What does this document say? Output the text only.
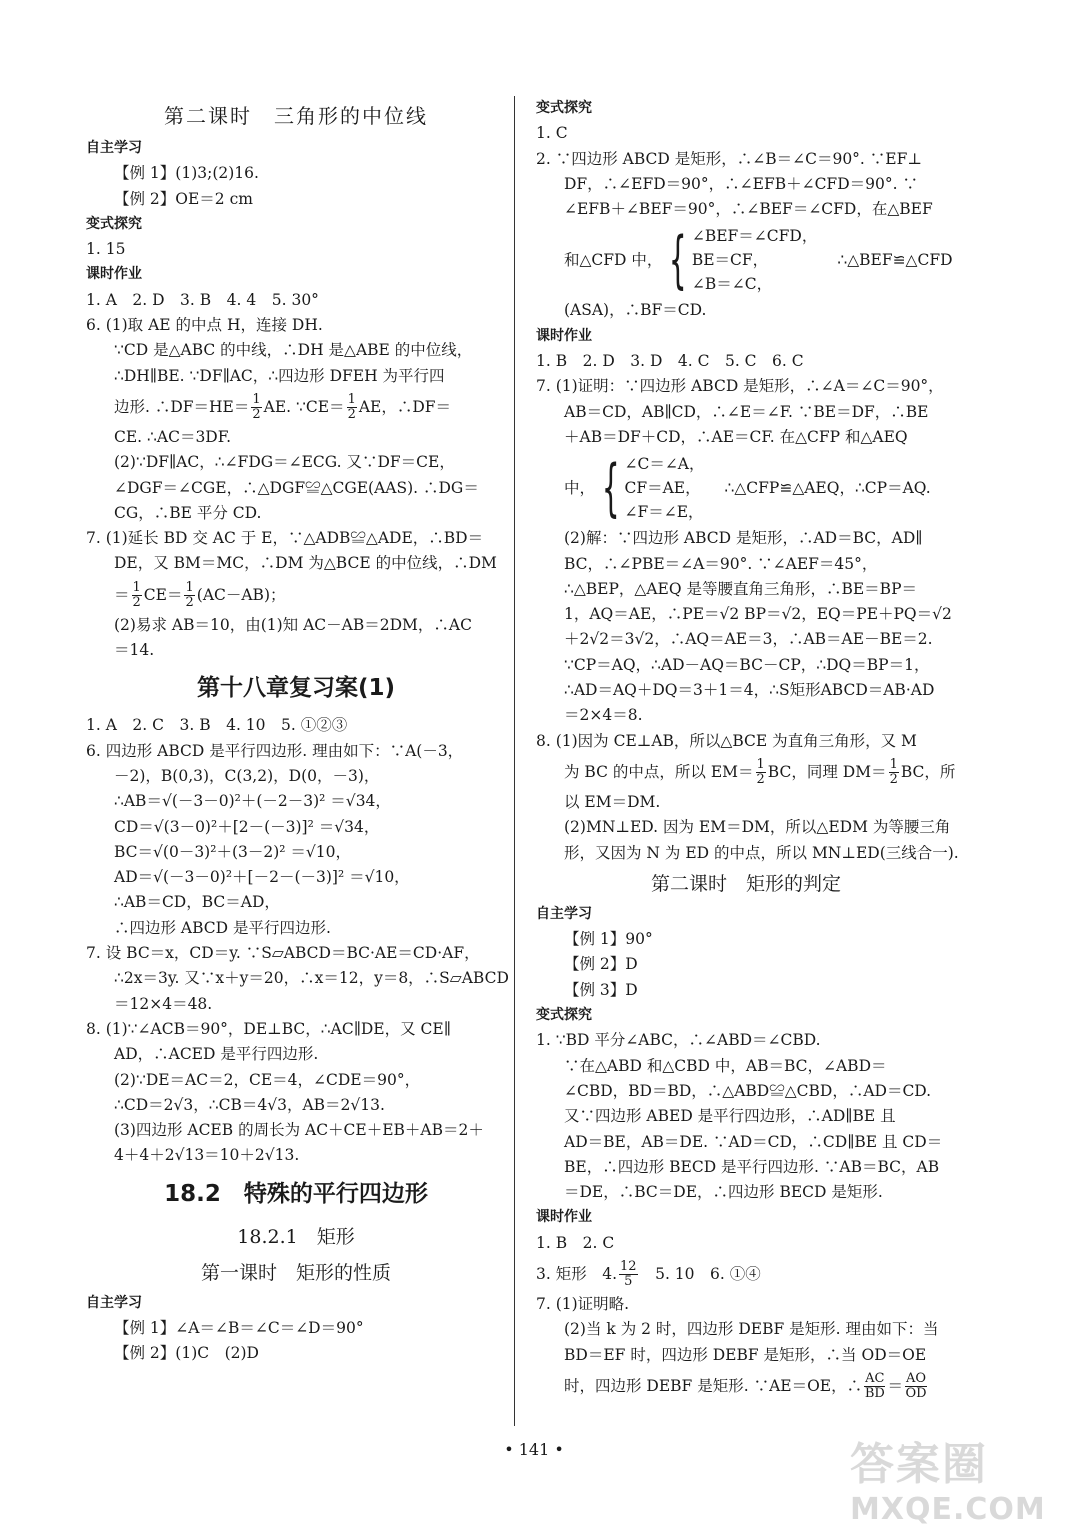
第二课时　三角形的中位线
自主学习
【例 1】(1)3;(2)16.
【例 2】OE＝2 cm
变式探究
1. 15
课时作业
1. A　2. D　3. B　4. 4　5. 30°
6. (1)取 AE 的中点 H，连接 DH.
∵CD 是△ABC 的中线，∴DH 是△ABE 的中位线，
∴DH∥BE. ∵DF∥AC，∴四边形 DFEH 为平行四
边形. ∴DF＝HE＝ $\frac{1}{2}$ AE. ∵CE＝ $\frac{1}{2}$ AE，∴DF＝
CE. ∴AC＝3DF.
(2)∵DF∥AC，∴∠FDG＝∠ECG. 又∵DF＝CE，
∠DGF＝∠CGE，∴△DGF≌△CGE(AAS). ∴DG＝
CG，∴BE 平分 CD.
7. (1)延长 BD 交 AC 于 E，∵△ADB≌△ADE，∴BD＝
DE，又 BM＝MC，∴DM 为△BCE 的中位线，∴DM
＝ $\frac{1}{2} CE= \frac{1}{2} (AC-AB)$；
(2)易求 AB＝10，由(1)知 AC－AB＝2DM，∴AC
＝14.
第十八章复习案(1)
1. A　2. C　3. B　4. 10　5. ①②③
6. 四边形 ABCD 是平行四边形. 理由如下：∵A(－3，
－2)，B(0,3)，C(3,2)，D(0，－3)，
∴AB＝√(－3－0)²＋(－2－3)² ＝√34，
CD＝√(3－0)²＋[2－(－3)]² ＝√34，
BC＝√(0－3)²＋(3－2)² ＝√10，
AD＝√(－3－0)²＋[－2－(－3)]² ＝√10，
∴AB＝CD，BC＝AD，
∴四边形 ABCD 是平行四边形.
7. 设 BC＝x，CD＝y. ∵S▱ABCD＝BC·AE＝CD·AF，
∴2x＝3y. 又∵x＋y＝20，∴x＝12，y＝8，∴S▱ABCD
＝12×4＝48.
8. (1)∵∠ACB＝90°，DE⊥BC，∴AC∥DE，又 CE∥
AD，∴ACED 是平行四边形.
(2)∵DE＝AC＝2，CE＝4，∠CDE＝90°，
∴CD＝2√3，∴CB＝4√3，AB＝2√13.
(3)四边形 ACEB 的周长为 AC＋CE＋EB＋AB＝2＋
4＋4＋2√13＝10＋2√13.
18.2　特殊的平行四边形
18.2.1　矩形
第一课时　矩形的性质
自主学习
【例 1】∠A＝∠B＝∠C＝∠D＝90°
【例 2】(1)C　(2)D
变式探究
1. C
2. ∵四边形 ABCD 是矩形，∴∠B＝∠C＝90°. ∵EF⊥
DF，∴∠EFD＝90°，∴∠EFB＋∠CFD＝90°. ∵
∠EFB＋∠BEF＝90°，∴∠BEF＝∠CFD，在△BEF
和△CFD 中， { ∠BEF＝∠CFD，
BE＝CF，
∠B＝∠C，
∴△BEF≌△CFD
(ASA)，∴BF＝CD.
课时作业
1. B　2. D　3. D　4. C　5. C　6. C
7. (1)证明：∵四边形 ABCD 是矩形，∴∠A＝∠C＝90°，
AB＝CD，AB∥CD，∴∠E＝∠F. ∵BE＝DF，∴BE
＋AB＝DF＋CD，∴AE＝CF. 在△CFP 和△AEQ
中， { ∠C＝∠A，
CF＝AE，
∠F＝∠E，
∴△CFP≌△AEQ，∴CP＝AQ.
(2)解：∵四边形 ABCD 是矩形，∴AD＝BC，AD∥
BC，∴∠PBE＝∠A＝90°. ∵∠AEF＝45°，
∴△BEP，△AEQ 是等腰直角三角形，∴BE＝BP＝
1，AQ＝AE，∴PE＝√2 BP＝√2，EQ＝PE＋PQ＝√2
＋2√2＝3√2，∴AQ＝AE＝3，∴AB＝AE－BE＝2.
∵CP＝AQ，∴AD－AQ＝BC－CP，∴DQ＝BP＝1，
∴AD＝AQ＋DQ＝3＋1＝4，∴S矩形ABCD＝AB·AD
＝2×4＝8.
8. (1)因为 CE⊥AB，所以△BCE 为直角三角形，又 M
为 BC 的中点，所以 $EM= \frac{1}{2}$ BC，同理 $DM= \frac{1}{2}$ BC，所
以 EM＝DM.
(2)MN⊥ED. 因为 EM＝DM，所以△EDM 为等腰三角
形，又因为 N 为 ED 的中点，所以 MN⊥ED(三线合一).
第二课时　矩形的判定
自主学习
【例 1】90°
【例 2】D
【例 3】D
变式探究
1. ∵BD 平分∠ABC，∴∠ABD＝∠CBD.
∵在△ABD 和△CBD 中，AB＝BC，∠ABD＝
∠CBD，BD＝BD，∴△ABD≌△CBD，∴AD＝CD.
又∵四边形 ABED 是平行四边形，∴AD∥BE 且
AD＝BE，AB＝DE. ∵AD＝CD，∴CD∥BE 且 CD＝
BE，∴四边形 BECD 是平行四边形. ∵AB＝BC，AB
＝DE，∴BC＝DE，∴四边形 BECD 是矩形.
课时作业
1. B　2. C
3. 矩形　4. $\frac{12}{5}$
　 5. 10　6. ①④
7. (1)证明略.
(2)当 k 为 2 时，四边形 DEBF 是矩形. 理由如下：当
BD＝EF 时，四边形 DEBF 是矩形，∴当 OD＝OE
时，四边形 DEBF 是矩形. ∵AE＝OE，∴ $\frac{AC}{BD} = \frac{AO}{OD}$
• 141 •	答案圈
MXQE.COM
